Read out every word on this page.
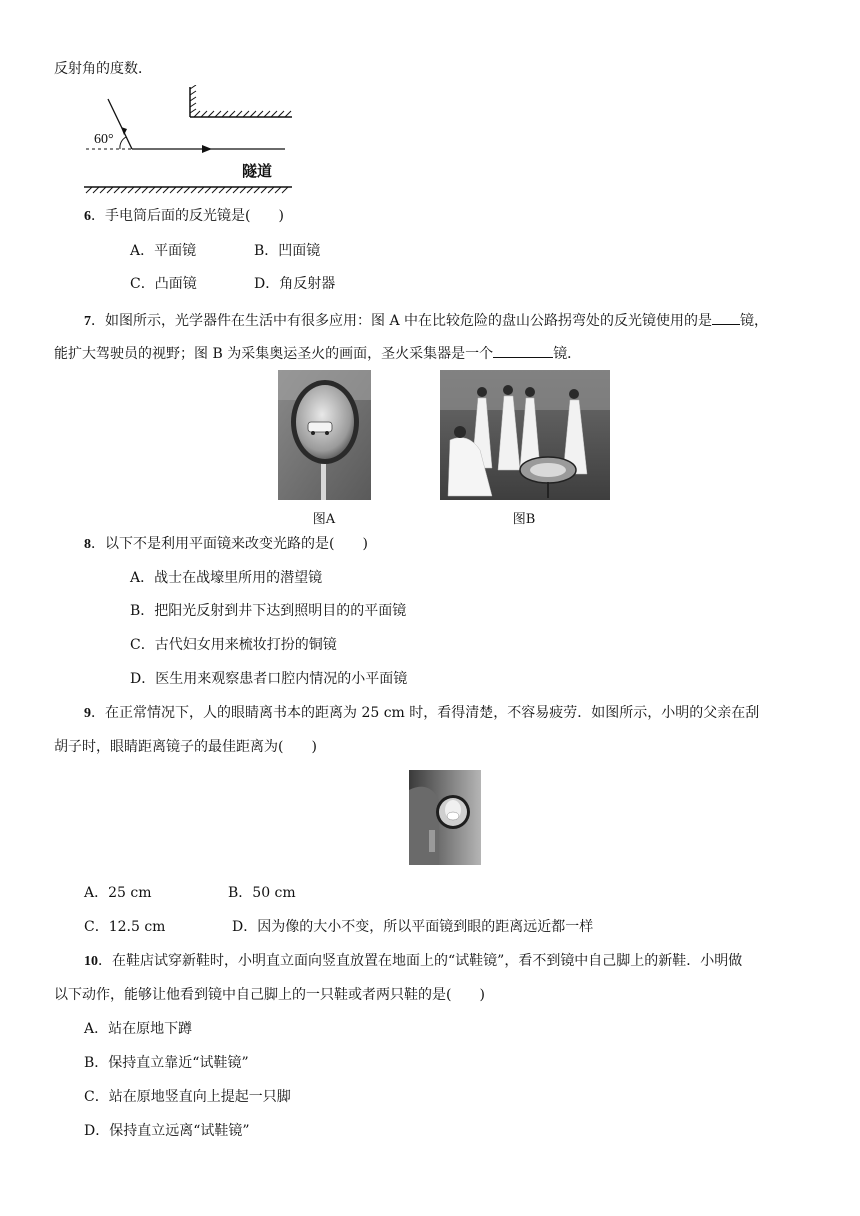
反射角的度数．
60°
隧道
6．手电筒后面的反光镜是(　　)
A．平面镜	B．凹面镜
C．凸面镜	D．角反射器
7．如图所示，光学器件在生活中有很多应用：图 A 中在比较危险的盘山公路拐弯处的反光镜使用的是 镜，
能扩大驾驶员的视野；图 B 为采集奥运圣火的画面，圣火采集器是一个	镜．
图A	图B
8．以下不是利用平面镜来改变光路的是(　　)
A．战士在战壕里所用的潜望镜
B．把阳光反射到井下达到照明目的的平面镜
C．古代妇女用来梳妆打扮的铜镜
D．医生用来观察患者口腔内情况的小平面镜
9．在正常情况下，人的眼睛离书本的距离为 25 cm 时，看得清楚，不容易疲劳．如图所示，小明的父亲在刮
胡子时，眼睛距离镜子的最佳距离为(　　)
A．25 cm	B．50 cm
C．12.5 cm	D．因为像的大小不变，所以平面镜到眼的距离远近都一样
10．在鞋店试穿新鞋时，小明直立面向竖直放置在地面上的“试鞋镜”，看不到镜中自己脚上的新鞋．小明做
以下动作，能够让他看到镜中自己脚上的一只鞋或者两只鞋的是(　　)
A．站在原地下蹲
B．保持直立靠近“试鞋镜”
C．站在原地竖直向上提起一只脚
D．保持直立远离“试鞋镜”
